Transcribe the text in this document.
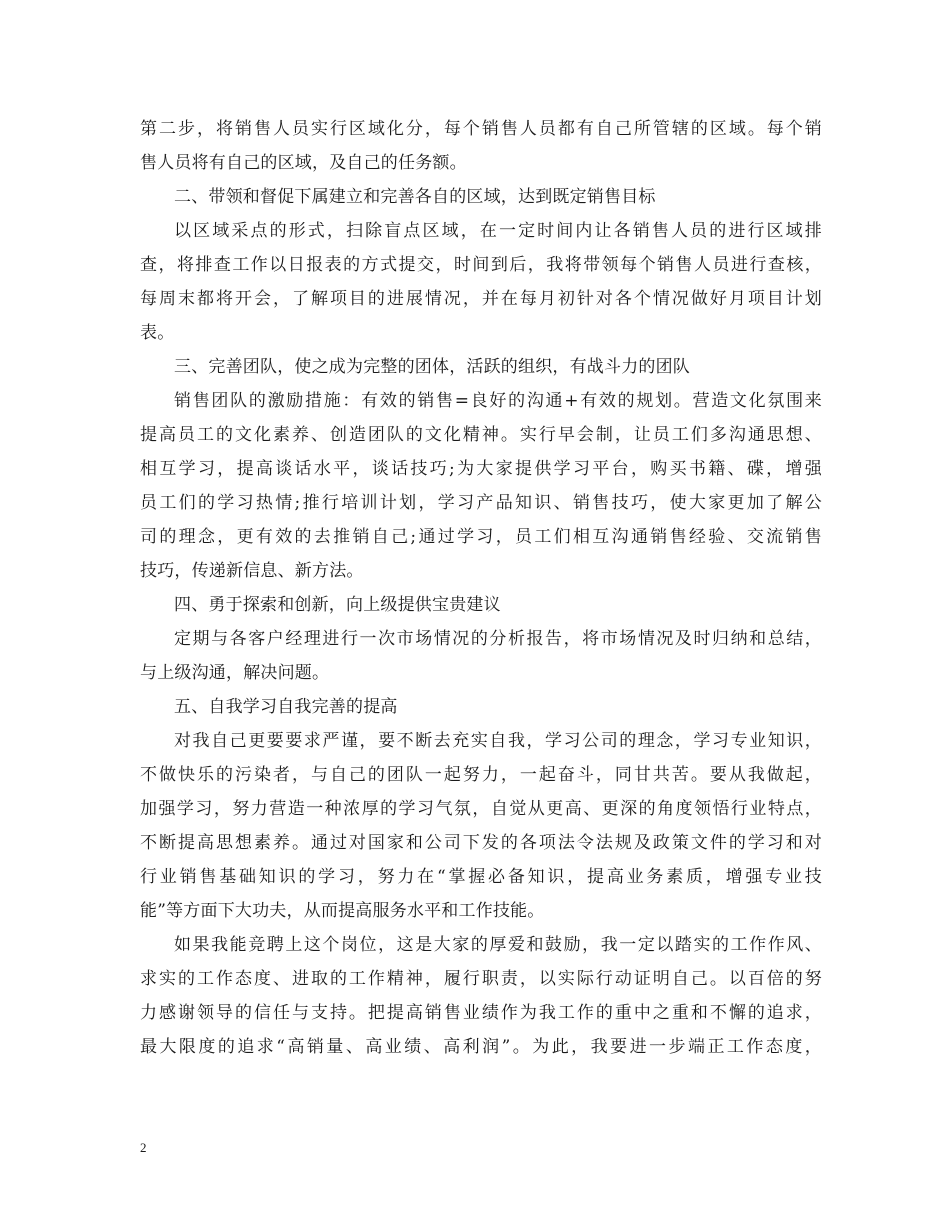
第二步，将销售人员实行区域化分，每个销售人员都有自己所管辖的区域。每个销
售人员将有自己的区域，及自己的任务额。
二、带领和督促下属建立和完善各自的区域，达到既定销售目标
以区域采点的形式，扫除盲点区域，在一定时间内让各销售人员的进行区域排
查，将排查工作以日报表的方式提交，时间到后，我将带领每个销售人员进行查核，
每周末都将开会，了解项目的进展情况，并在每月初针对各个情况做好月项目计划
表。
三、完善团队，使之成为完整的团体，活跃的组织，有战斗力的团队
销售团队的激励措施：有效的销售=良好的沟通+有效的规划。营造文化氛围来
提高员工的文化素养、创造团队的文化精神。实行早会制，让员工们多沟通思想、
相互学习，提高谈话水平，谈话技巧;为大家提供学习平台，购买书籍、碟，增强
员工们的学习热情;推行培训计划，学习产品知识、销售技巧，使大家更加了解公
司的理念，更有效的去推销自己;通过学习，员工们相互沟通销售经验、交流销售
技巧，传递新信息、新方法。
四、勇于探索和创新，向上级提供宝贵建议
定期与各客户经理进行一次市场情况的分析报告，将市场情况及时归纳和总结，
与上级沟通，解决问题。
五、自我学习自我完善的提高
对我自己更要要求严谨，要不断去充实自我，学习公司的理念，学习专业知识，
不做快乐的污染者，与自己的团队一起努力，一起奋斗，同甘共苦。要从我做起，
加强学习，努力营造一种浓厚的学习气氛，自觉从更高、更深的角度领悟行业特点，
不断提高思想素养。通过对国家和公司下发的各项法令法规及政策文件的学习和对
行业销售基础知识的学习，努力在“掌握必备知识，提高业务素质，增强专业技
能”等方面下大功夫，从而提高服务水平和工作技能。
如果我能竞聘上这个岗位，这是大家的厚爱和鼓励，我一定以踏实的工作作风、
求实的工作态度、进取的工作精神，履行职责，以实际行动证明自己。以百倍的努
力感谢领导的信任与支持。把提高销售业绩作为我工作的重中之重和不懈的追求，
最大限度的追求“高销量、高业绩、高利润”。为此，我要进一步端正工作态度，
2
